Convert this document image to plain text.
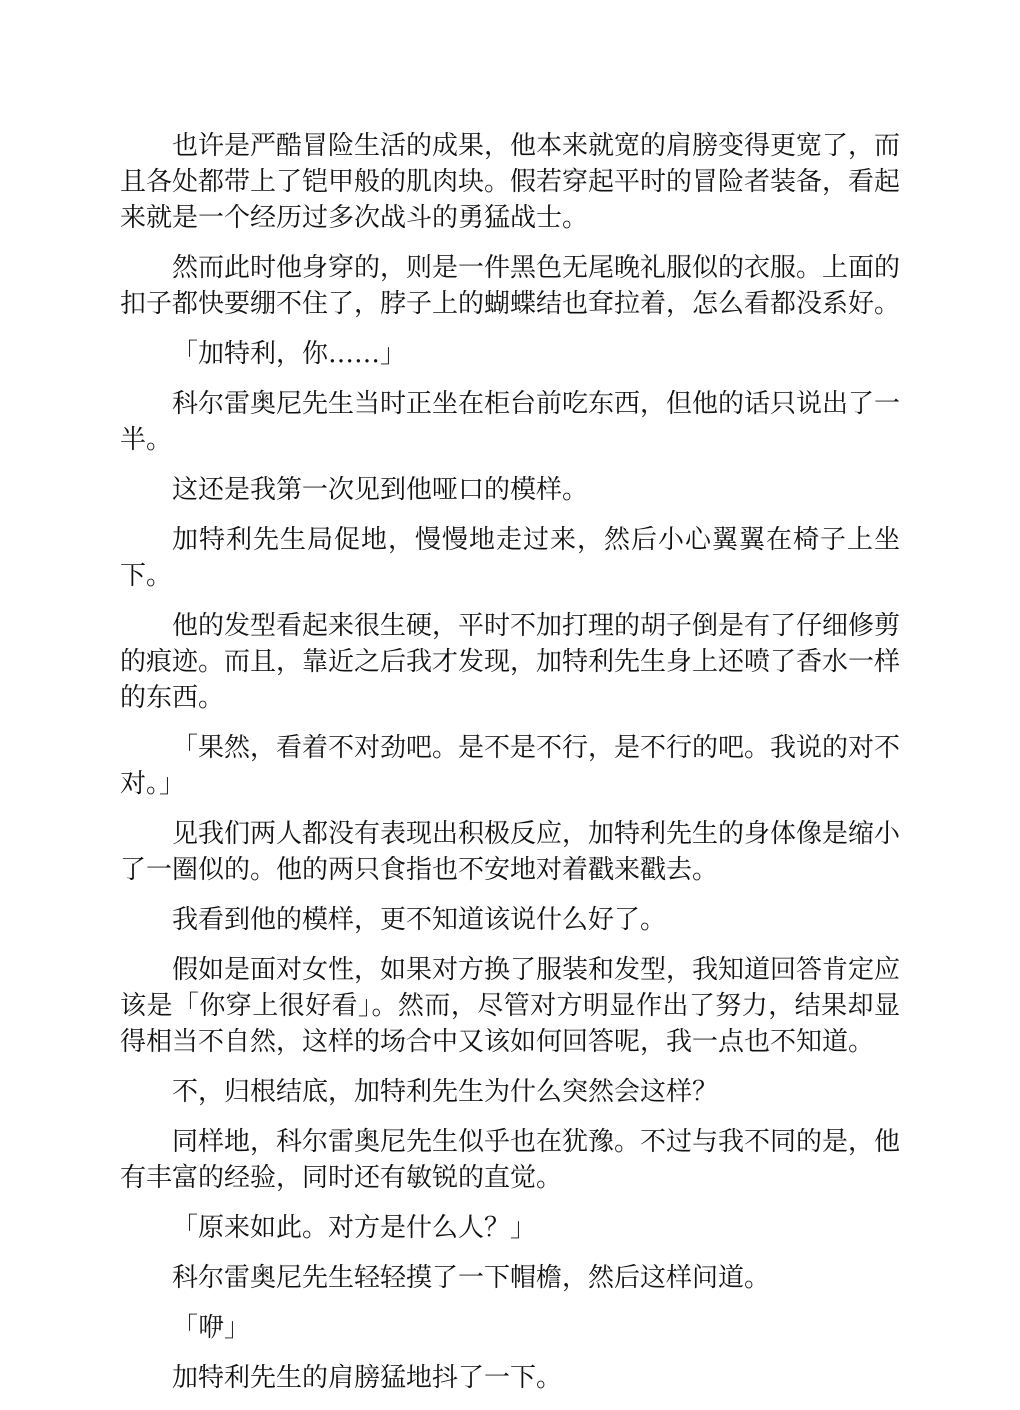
也许是严酷冒险生活的成果，他本来就宽的肩膀变得更宽了，而且各处都带上了铠甲般的肌肉块。假若穿起平时的冒险者装备，看起来就是一个经历过多次战斗的勇猛战士。

然而此时他身穿的，则是一件黑色无尾晚礼服似的衣服。上面的扣子都快要绷不住了，脖子上的蝴蝶结也耷拉着，怎么看都没系好。

「加特利，你……」

科尔雷奥尼先生当时正坐在柜台前吃东西，但他的话只说出了一半。

这还是我第一次见到他哑口的模样。

加特利先生局促地，慢慢地走过来，然后小心翼翼在椅子上坐下。

他的发型看起来很生硬，平时不加打理的胡子倒是有了仔细修剪的痕迹。而且，靠近之后我才发现，加特利先生身上还喷了香水一样的东西。

「果然，看着不对劲吧。是不是不行，是不行的吧。我说的对不对。」

见我们两人都没有表现出积极反应，加特利先生的身体像是缩小了一圈似的。他的两只食指也不安地对着戳来戳去。

我看到他的模样，更不知道该说什么好了。

假如是面对女性，如果对方换了服装和发型，我知道回答肯定应该是「你穿上很好看」。然而，尽管对方明显作出了努力，结果却显得相当不自然，这样的场合中又该如何回答呢，我一点也不知道。

不，归根结底，加特利先生为什么突然会这样？

同样地，科尔雷奥尼先生似乎也在犹豫。不过与我不同的是，他有丰富的经验，同时还有敏锐的直觉。

「原来如此。对方是什么人？」

科尔雷奥尼先生轻轻摸了一下帽檐，然后这样问道。

「咿」

加特利先生的肩膀猛地抖了一下。
